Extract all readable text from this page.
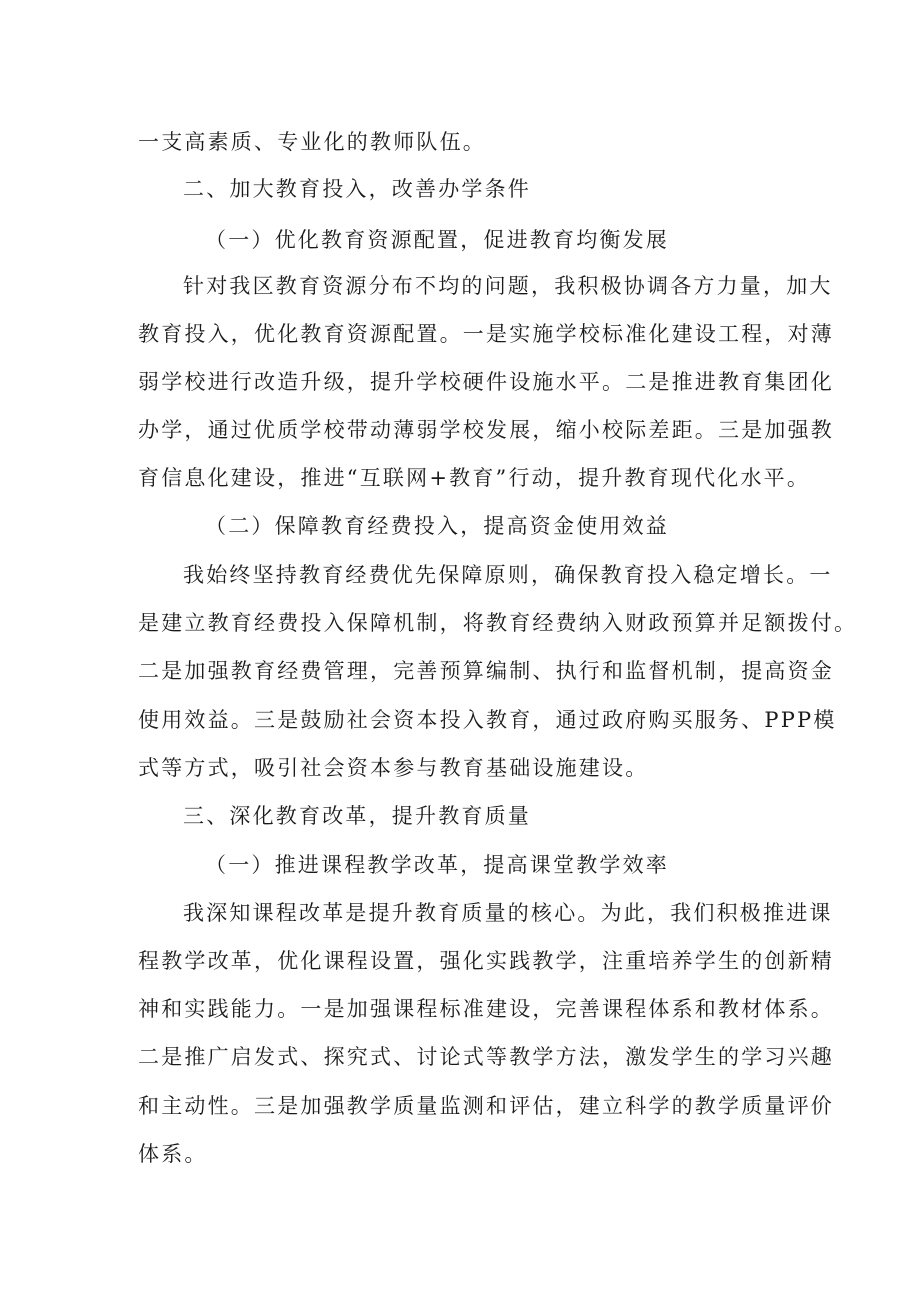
一支高素质、专业化的教师队伍。
二、加大教育投入，改善办学条件
（一）优化教育资源配置，促进教育均衡发展
针对我区教育资源分布不均的问题，我积极协调各方力量，加大
教育投入，优化教育资源配置。一是实施学校标准化建设工程，对薄
弱学校进行改造升级，提升学校硬件设施水平。二是推进教育集团化
办学，通过优质学校带动薄弱学校发展，缩小校际差距。三是加强教
育信息化建设，推进“互联网+教育”行动，提升教育现代化水平。
（二）保障教育经费投入，提高资金使用效益
我始终坚持教育经费优先保障原则，确保教育投入稳定增长。一
是建立教育经费投入保障机制，将教育经费纳入财政预算并足额拨付。
二是加强教育经费管理，完善预算编制、执行和监督机制，提高资金
使用效益。三是鼓励社会资本投入教育，通过政府购买服务、PPP模
式等方式，吸引社会资本参与教育基础设施建设。
三、深化教育改革，提升教育质量
（一）推进课程教学改革，提高课堂教学效率
我深知课程改革是提升教育质量的核心。为此，我们积极推进课
程教学改革，优化课程设置，强化实践教学，注重培养学生的创新精
神和实践能力。一是加强课程标准建设，完善课程体系和教材体系。
二是推广启发式、探究式、讨论式等教学方法，激发学生的学习兴趣
和主动性。三是加强教学质量监测和评估，建立科学的教学质量评价
体系。
